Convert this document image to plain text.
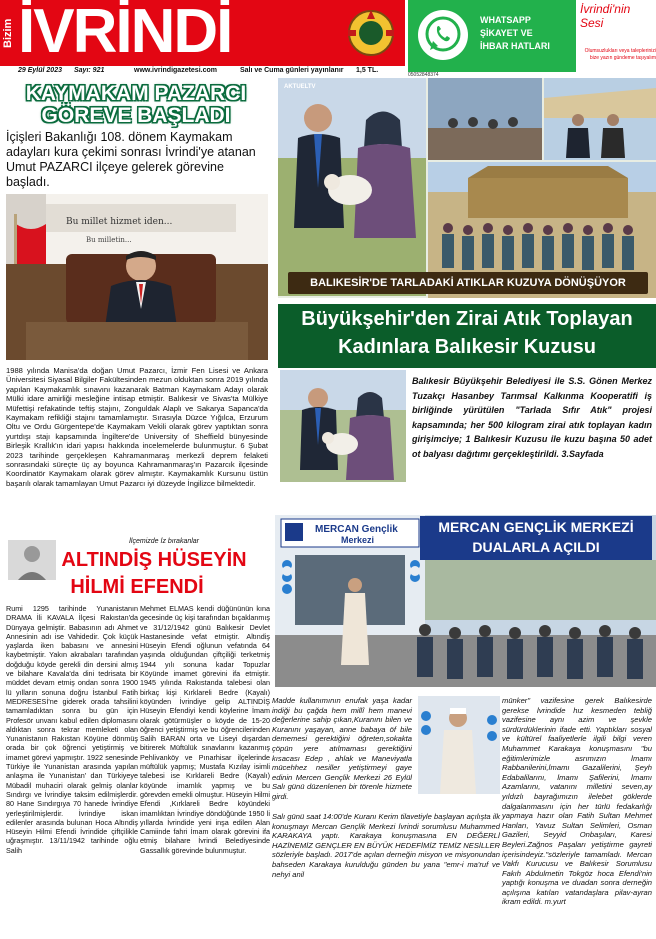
Bizim İVRİNDİ
29 Eylül 2023 Sayı: 921	www.ivrindigazetesi.com	Salı ve Cuma günleri yayınlanır 1,5 TL.
WHATSAPP
ŞİKAYET VE
İHBAR HATLARI
İvrindi'nin
Sesi
Olumsuzlukları veya taleplerinizi bize yazın gündeme taşıyalım
05052848374
KAYMAKAM PAZARCI
GÖREVE BAŞLADI
İçişleri Bakanlığı 108. dönem Kaymakam adayları kura çekimi sonrası İvrindi'ye atanan Umut PAZARCI ilçeye gelerek görevine başladı.
Bu millet hizmet iden...
Bu milletin...
1988 yılında Manisa'da doğan Umut Pazarcı, İzmir Fen Lisesi ve Ankara Üniversitesi Siyasal Bilgiler Fakültesinden mezun olduktan sonra 2019 yılında yapılan Kaymakamlık sınavını kazanarak Batman Kaymakam Adayı olarak Mülki idare amirliği mesleğine intisap etmiştir. Balıkesir ve Sivas'ta Mülkiye Müfettişi refakatinde teftiş stajını, Zonguldak Alaplı ve Sakarya Sapanca'da Kaymakam refikliği stajını tamamlamıştır. Sırasıyla Düzce Yığılca, Erzurum Oltu ve Ordu Gürgentepe'de Kaymakam Vekili olarak görev yaptıktan sonra yurtdışı stajı kapsamında İngiltere'de University of Sheffield bünyesinde Birleşik Krallık'ın idari yapısı hakkında incelemelerde bulunmuştur. 6 Şubat 2023 tarihinde gerçekleşen Kahramanmaraş merkezli deprem felaketi sonrasındaki süreçte üç ay boyunca Kahramanmaraş'ın Pazarcık ilçesinde Koordinatör Kaymakam olarak görev almıştır. Kaymakamlık Kursunu üstün başarılı olarak tamamlayan Umut Pazarcı iyi düzeyde İngilizce bilmektedir.
AKTUELTV
BALIKESİR'DE TARLADAKİ ATIKLAR KUZUYA DÖNÜŞÜYOR
Büyükşehir'den Zirai Atık Toplayan
Kadınlara Balıkesir Kuzusu
Balıkesir Büyükşehir Belediyesi ile S.S. Gönen Merkez Tuzakçı Hasanbey Tarımsal Kalkınma Kooperatifi iş birliğinde yürütülen "Tarlada Sıfır Atık" projesi kapsamında; her 500 kilogram zirai atık toplayan kadın girişimciye; 1 Balıkesir Kuzusu ile kuzu başına 50 adet ot balyası dağıtımı gerçekleştirildi. 3.Sayfada
İlçemizde İz bırakanlar
ALTINDİŞ HÜSEYİN
HİLMİ EFENDİ
Rumi 1295 tarihinde Yunanistanın DRAMA İli KAVALA İlçesi Rakıstan'da Dünyaya gelmiştir. Babasının adı Ahmet Annesinin adı ise Vahidedir. Çok küçük yaşlarda iken babasını ve annesini kaybetmiştir. Yakın akrabaları tarafından doğduğu köyde gerekli din dersini almış ve bilahare Kavala'da dini tedrisata bir müddet devam etmiş ondan sonra 1900 lü yılların sonuna doğru İstanbul Fatih MEDRESESİ'ne giderek orada tahsilini tamamladıktan sonra bu gün için Profesör unvanı kabul edilen diplomasını aldıktan sonra tekrar memleketi olan Yunanistanın Rakıstan Köyüne dönmüş orada bir çok öğrenci yetiştirmiş ve imamet görevi yapmıştır. 1922 senesinde Türkiye ile Yunanistan arasında yapılan anlaşma ile Yunanistan' dan Türkiyeye Mübadil muhaciri olarak gelmiş olanlar Sındırgı ve İvrindiye taksim edilmişlerdir. 80 Hane Sındırgıya 70 hanede İvrindiye yerleştirilmişlerdir. İvrindiye iskan edilenler arasında bulunan Hoca Altındiş Hüseyin Hilmi Efendi İvrindide çiftçilikle uğraşmıştır. 13/11/1942 tarihinde oğlu Salih
Mehmet ELMAS kendi düğününün kına gecesinde üç kişi tarafından bıçaklanmış ve 31/12/1942 günü Balıkesir Devlet Hastanesinde vefat etmiştir. Altındiş Hüseyin Efendi oğlunun vefatında 64 yaşında olduğundan çiftçiliği terketmiş 1944 yılı sonuna kadar Topuzlar Köyünde imamet görevini ifa etmiştir. 1945 yılında Rakıstanda talebesi olan birkaç kişi Kırklareli Bedre (Kayalı) köyünden İvrindiye gelip ALTINDİŞ Hüseyin Efendiyi kendi köylerine İmam olarak götürmüşler o köyde de 15-20 öğrenci yetiştirmiş ve bu öğrencilerinden Salih BARAN orta ve Liseyi dışardan bitirerek Müftülük sınavlarını kazanmış Pehlivanköy ve Pınarhisar ilçelerinde müftülük yapmış; Mustafa Kızılay isimli talebesi ise Kırklareli Bedre (Kayalı) köyünde imamlık yapmış ve bu görevden emekli olmuştur. Hüseyin Hilmi Efendi ,Kırklareli Bedre köyündeki imamlıktan İvrindiye döndüğünde 1950 li yıllarda İvrindide yeni inşa edilen Alan Camiinde fahri İmam olarak görevini ifa etmiş bilahare İvrindi Belediyesinde Gassallık görevinde bulunmuştur.
MERCAN Gençlik
Merkezi
MERCAN GENÇLİK MERKEZİ
DUALARLA AÇILDI
Madde kullanımının enufak yaşa kadar indiği bu çağda hem millî hem manevi değerlerine sahip çıkan,Kuranını bilen ve Kuranını yaşayan, anne babaya öf bile dememesi gerektiğini öğreten,sokakta çöpün yere atılmaması gerektiğini kısacası Edep , ahlak ve Maneviyatla mücehhez nesiller yetiştirmeyi gaye edinin Mercen Gençlik Merkezi 26 Eylül Salı günü düzenlenen bir törenle hizmete girdi.
Salı günü saat 14:00'de Kuranı Kerim tilavetiyle başlayan açılışta ilk konuşmayı Mercan Gençlik Merkezi İvrindi sorumlusu Muhammed KARAKAYA yaptı. Karakaya konuşmasına EN DEĞERLİ HAZİNEMİZ GENÇLER EN BÜYÜK HEDEFİMİZ TEMİZ NESİLLER sözleriyle başladı. 2017'de açılan derneğin misyon ve misyonundan bahseden Karakaya kurulduğu günden bu yana "emr-i ma'ruf ve nehyi anil
münker" vazifesine gerek Balıkesirde gerekse İvrindide hız kesmeden tebliğ vazifesine aynı azim ve şevkle sürdürdüklerinin ifade etti. Yaptıkları sosyal ve kültürel faaliyetlerle ilgili bilgi veren Muhammet Karakaya konuşmasını "bu eğitimlerimizle asrımızın İmamı Rabbanilerini,İmamı Gazalilerini, Şeyh Edabalilarını, İmamı Şafilerini, İmamı Azamlarını, vatanını milletini seven,ay yıldızlı bayrağımızın ilelebet göklerde dalgalanmasını için her türlü fedakarlığı yapmaya hazır olan Fatih Sultan Mehmet Hanları, Yavuz Sultan Selimleri, Osman Gazileri, Seyyid Onbaşıları, Karesi Beyleri.Zağnos Paşaları yetiştirme gayreti içerisindeyiz."sözleriyle tamamladı. Mercan Vakfı Kurucusu ve Balıkesir Sorumlusu Fakıh Abdulmetin Tokgöz hoca Efendi'nin yaptığı konuşma ve duadan sonra derneğin açılışına katılan vatandaşlara pilav-ayran ikram edildi. m.yurt
